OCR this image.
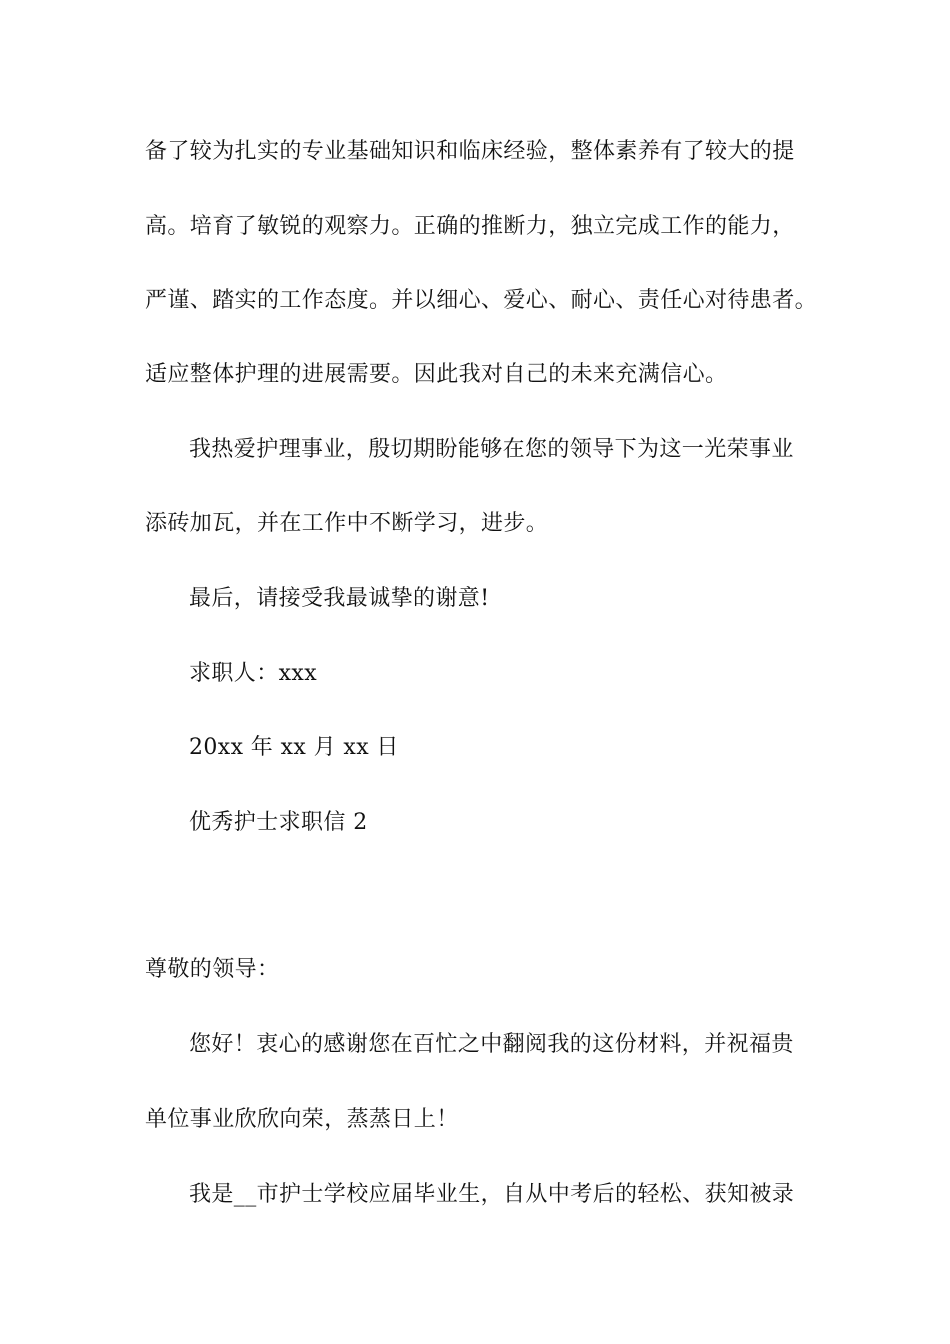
备了较为扎实的专业基础知识和临床经验，整体素养有了较大的提
高。培育了敏锐的观察力。正确的推断力，独立完成工作的能力，
严谨、踏实的工作态度。并以细心、爱心、耐心、责任心对待患者。
适应整体护理的进展需要。因此我对自己的未来充满信心。
我热爱护理事业，殷切期盼能够在您的领导下为这一光荣事业
添砖加瓦，并在工作中不断学习，进步。
最后，请接受我最诚挚的谢意!
求职人：xxx
20xx 年 xx 月 xx 日
优秀护士求职信 2
尊敬的领导：
您好！衷心的感谢您在百忙之中翻阅我的这份材料，并祝福贵
单位事业欣欣向荣，蒸蒸日上！
我是__市护士学校应届毕业生，自从中考后的轻松、获知被录
